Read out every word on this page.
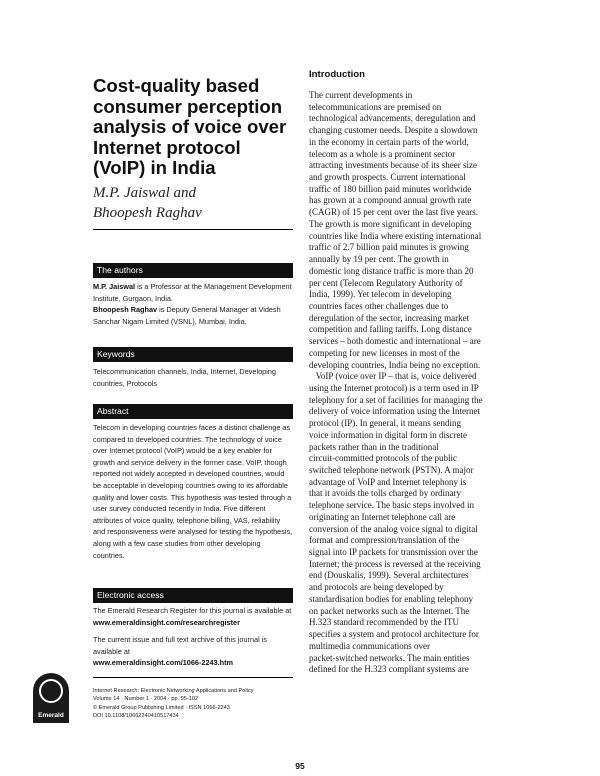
Cost-quality based consumer perception analysis of voice over Internet protocol (VoIP) in India
M.P. Jaiswal and
Bhoopesh Raghav
The authors

M.P. Jaiswal is a Professor at the Management Development Institute, Gurgaon, India.

Bhoopesh Raghav is Deputy General Manager at Videsh Sanchar Nigam Limited (VSNL), Mumbai, India.

Keywords
Telecommunication channels, India, Internet, Developing countries, Protocols
Abstract
Telecom in developing countries faces a distinct challenge as compared to developed countries. The technology of voice over Internet protocol (VoIP) would be a key enabler for growth and service delivery in the former case. VoIP, though reported not widely accepted in developed countries, would be acceptable in developing countries owing to its affordable quality and lower costs. This hypothesis was tested through a user survey conducted recently in India. Five different attributes of voice quality, telephone billing, VAS, reliability and responsiveness were analysed for testing the hypothesis, along with a few case studies from other developing countries.
Electronic access

The Emerald Research Register for this journal is available at

www.emeraldinsight.com/researchregister

The current issue and full text archive of this journal is available at

www.emeraldinsight.com/1066-2243.htm

Emerald
Internet Research: Electronic Networking Applications and Policy
Volume 14 · Number 1 · 2004 · pp. 95-102
© Emerald Group Publishing Limited · ISSN 1066-2243
DOI 10.1108/10662240410517434
Introduction
The current developments in
telecommunications are premised on
technological advancements, deregulation and
changing customer needs. Despite a slowdown
in the economy in certain parts of the world,
telecom as a whole is a prominent sector
attracting investments because of its sheer size
and growth prospects. Current international
traffic of 180 billion paid minutes worldwide
has grown at a compound annual growth rate
(CAGR) of 15 per cent over the last five years.
The growth is more significant in developing
countries like India where existing international
traffic of 2.7 billion paid minutes is growing
annually by 19 per cent. The growth in
domestic long distance traffic is more than 20
per cent (Telecom Regulatory Authority of
India, 1999). Yet telecom in developing
countries faces other challenges due to
deregulation of the sector, increasing market
competition and falling tariffs. Long distance
services – both domestic and international – are
competing for new licenses in most of the
developing countries, India being no exception.
VoIP (voice over IP – that is, voice delivered
using the Internet protocol) is a term used in IP
telephony for a set of facilities for managing the
delivery of voice information using the Internet
protocol (IP). In general, it means sending
voice information in digital form in discrete
packets rather than in the traditional
circuit-committed protocols of the public
switched telephone network (PSTN). A major
advantage of VoIP and Internet telephony is
that it avoids the tolls charged by ordinary
telephone service. The basic steps involved in
originating an Internet telephone call are
conversion of the analog voice signal to digital
format and compression/translation of the
signal into IP packets for transmission over the
Internet; the process is reversed at the receiving
end (Douskalis, 1999). Several architectures
and protocols are being developed by
standardisation bodies for enabling telephony
on packet networks such as the Internet. The
H.323 standard recommended by the ITU
specifies a system and protocol architecture for
multimedia communications over
packet-switched networks. The main entities
defined for the H.323 compliant systems are
95
